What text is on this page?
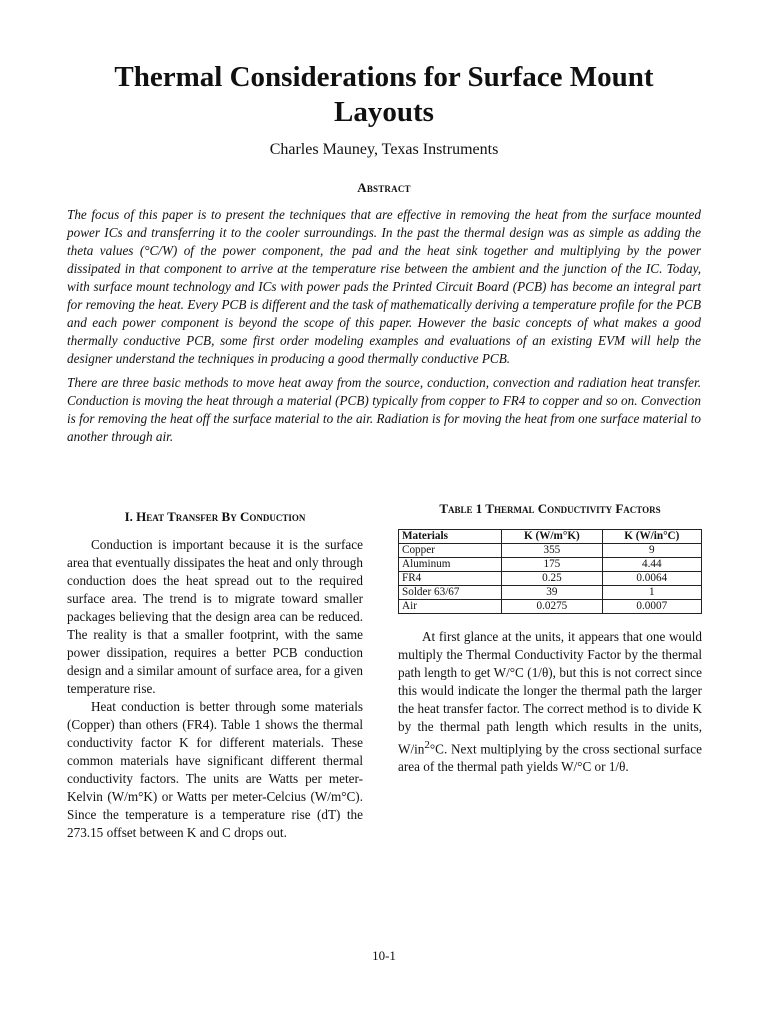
Thermal Considerations for Surface Mount Layouts
Charles Mauney, Texas Instruments
Abstract

The focus of this paper is to present the techniques that are effective in removing the heat from the surface mounted power ICs and transferring it to the cooler surroundings. In the past the thermal design was as simple as adding the theta values (°C/W) of the power component, the pad and the heat sink together and multiplying by the power dissipated in that component to arrive at the temperature rise between the ambient and the junction of the IC. Today, with surface mount technology and ICs with power pads the Printed Circuit Board (PCB) has become an integral part for removing the heat. Every PCB is different and the task of mathematically deriving a temperature profile for the PCB and each power component is beyond the scope of this paper. However the basic concepts of what makes a good thermally conductive PCB, some first order modeling examples and evaluations of an existing EVM will help the designer understand the techniques in producing a good thermally conductive PCB.

There are three basic methods to move heat away from the source, conduction, convection and radiation heat transfer. Conduction is moving the heat through a material (PCB) typically from copper to FR4 to copper and so on. Convection is for removing the heat off the surface material to the air. Radiation is for moving the heat from one surface material to another through air.

I. Heat Transfer By Conduction

Conduction is important because it is the surface area that eventually dissipates the heat and only through conduction does the heat spread out to the required surface area. The trend is to migrate toward smaller packages believing that the design area can be reduced. The reality is that a smaller footprint, with the same power dissipation, requires a better PCB conduction design and a similar amount of surface area, for a given temperature rise.

Heat conduction is better through some materials (Copper) than others (FR4). Table 1 shows the thermal conductivity factor K for different materials. These common materials have significant different thermal conductivity factors. The units are Watts per meter-Kelvin (W/m°K) or Watts per meter-Celcius (W/m°C). Since the temperature is a temperature rise (dT) the 273.15 offset between K and C drops out.

Table 1 Thermal Conductivity Factors
Materials	K (W/m°K)	K (W/in°C)
Copper	355	9
Aluminum	175	4.44
FR4	0.25	0.0064
Solder 63/67	39	1
Air	0.0275	0.0007

At first glance at the units, it appears that one would multiply the Thermal Conductivity Factor by the thermal path length to get W/°C (1/θ), but this is not correct since this would indicate the longer the thermal path the larger the heat transfer factor. The correct method is to divide K by the thermal path length which results in the units, $W/in^2^\circ C$. Next multiplying by the cross sectional surface area of the thermal path yields W/°C or 1/θ.

10-1
